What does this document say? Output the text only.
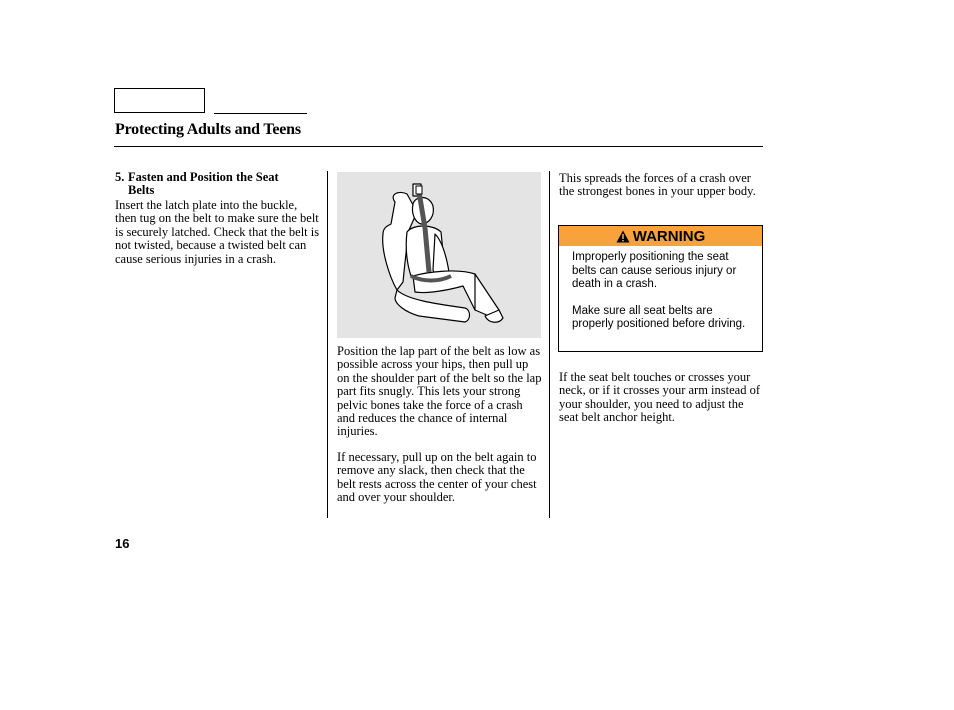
Protecting Adults and Teens
5. Fasten and Position the Seat
Belts
Insert the latch plate into the buckle, then tug on the belt to make sure the belt is securely latched. Check that the belt is not twisted, because a twisted belt can cause serious injuries in a crash.
Position the lap part of the belt as low as possible across your hips, then pull up on the shoulder part of the belt so the lap part fits snugly. This lets your strong pelvic bones take the force of a crash and reduces the chance of internal injuries.
If necessary, pull up on the belt again to remove any slack, then check that the belt rests across the center of your chest and over your shoulder.
This spreads the forces of a crash over the strongest bones in your upper body.
WARNING

Improperly positioning the seat belts can cause serious injury or death in a crash.

Make sure all seat belts are properly positioned before driving.

If the seat belt touches or crosses your neck, or if it crosses your arm instead of your shoulder, you need to adjust the seat belt anchor height.
16
